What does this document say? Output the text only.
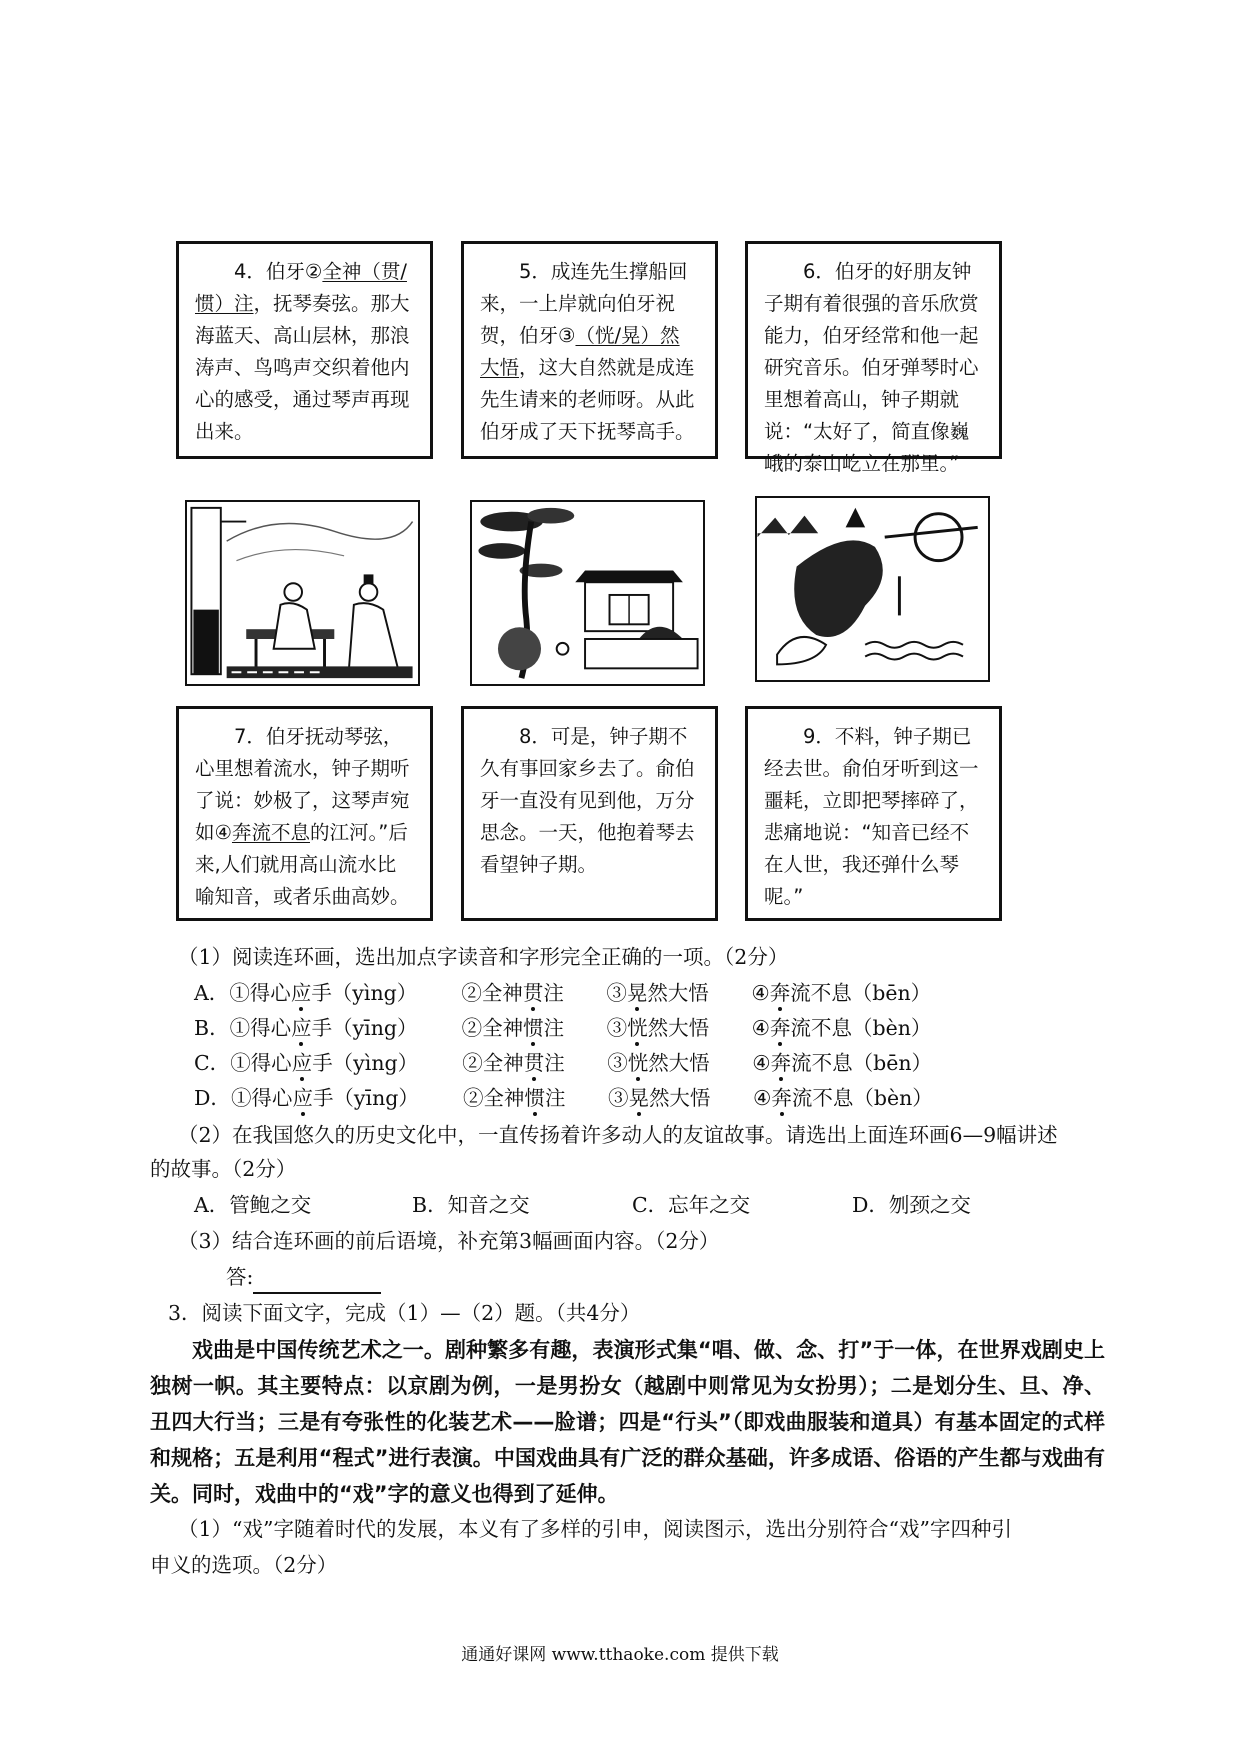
4．伯牙②全神（贯/惯）注，抚琴奏弦。那大海蓝天、高山层林，那浪涛声、鸟鸣声交织着他内心的感受，通过琴声再现出来。
5．成连先生撑船回来，一上岸就向伯牙祝贺，伯牙③（恍/晃）然大悟，这大自然就是成连先生请来的老师呀。从此伯牙成了天下抚琴高手。
6．伯牙的好朋友钟子期有着很强的音乐欣赏能力，伯牙经常和他一起研究音乐。伯牙弹琴时心里想着高山，钟子期就说：“太好了，简直像巍峨的泰山屹立在那里。”
7．伯牙抚动琴弦，心里想着流水，钟子期听了说：妙极了，这琴声宛如④奔流不息的江河。”后来,人们就用高山流水比喻知音，或者乐曲高妙。
8．可是，钟子期不久有事回家乡去了。俞伯牙一直没有见到他，万分思念。一天，他抱着琴去看望钟子期。
9．不料，钟子期已经去世。俞伯牙听到这一噩耗，立即把琴摔碎了，悲痛地说：“知音已经不在人世，我还弹什么琴呢。”
（1）阅读连环画，选出加点字读音和字形完全正确的一项。（2分）
A．①得心应手（yìng） ②全神贯注 ③晃然大悟 ④奔流不息（bēn）
B．①得心应手（yīng） ②全神惯注 ③恍然大悟 ④奔流不息（bèn）
C．①得心应手（yìng） ②全神贯注 ③恍然大悟 ④奔流不息（bēn）
D．①得心应手（yīng） ②全神惯注 ③晃然大悟 ④奔流不息（bèn）
（2）在我国悠久的历史文化中，一直传扬着许多动人的友谊故事。请选出上面连环画6—9幅讲述
的故事。（2分）
A．管鲍之交	B．知音之交	C．忘年之交	D．刎颈之交
（3）结合连环画的前后语境，补充第3幅画面内容。（2分）
答:
3．阅读下面文字，完成（1）—（2）题。（共4分）
戏曲是中国传统艺术之一。剧种繁多有趣，表演形式集“唱、做、念、打”于一体，在世界戏剧史上独树一帜。其主要特点：以京剧为例，一是男扮女（越剧中则常见为女扮男）；二是划分生、旦、净、丑四大行当；三是有夸张性的化装艺术——脸谱；四是“行头”（即戏曲服装和道具）有基本固定的式样和规格；五是利用“程式”进行表演。中国戏曲具有广泛的群众基础，许多成语、俗语的产生都与戏曲有关。同时，戏曲中的“戏”字的意义也得到了延伸。
（1）“戏”字随着时代的发展，本义有了多样的引申，阅读图示，选出分别符合“戏”字四种引
申义的选项。（2分）
通通好课网 www.tthaoke.com 提供下载
